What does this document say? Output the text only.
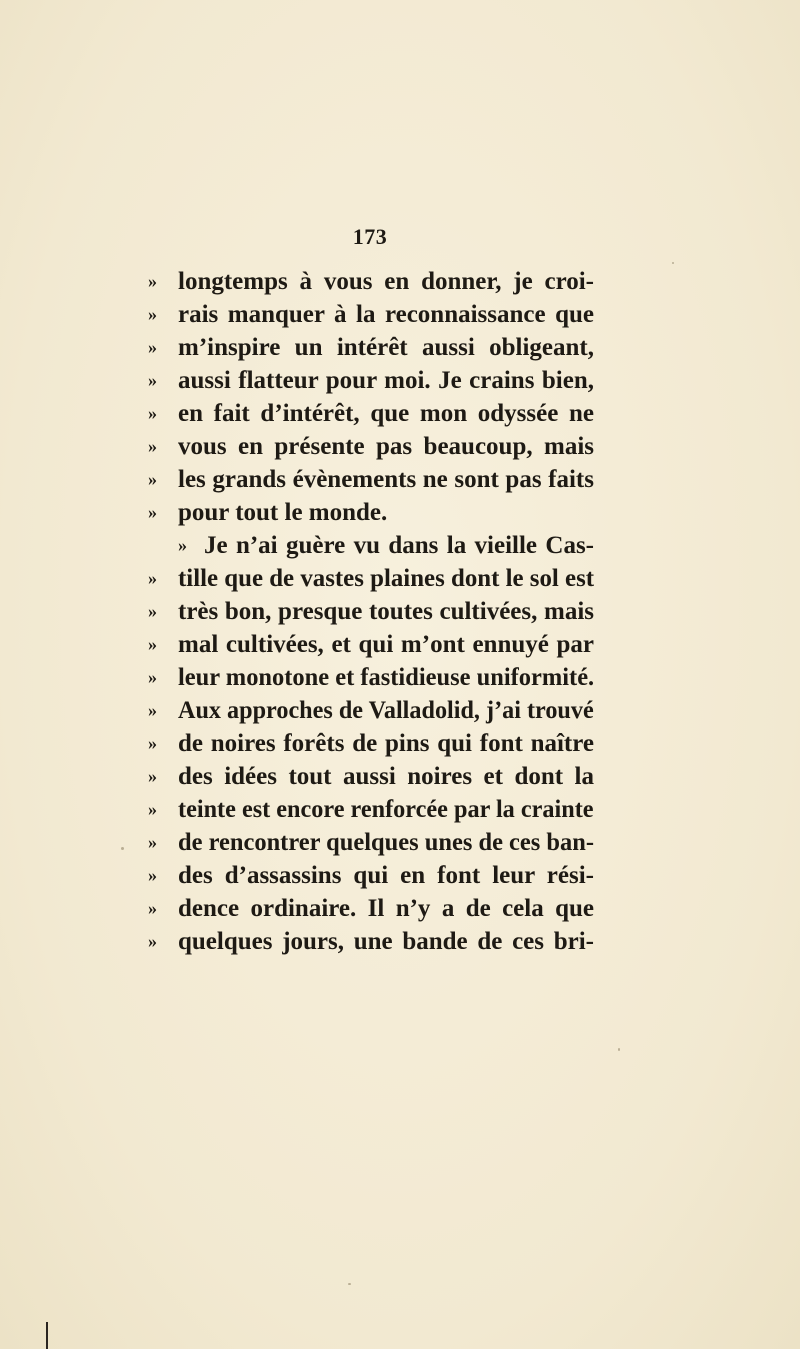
173
» longtemps à vous en donner, je croi-
» rais manquer à la reconnaissance que
» m’inspire un intérêt aussi obligeant,
» aussi flatteur pour moi. Je crains bien,
» en fait d’intérêt, que mon odyssée ne
» vous en présente pas beaucoup, mais
» les grands évènements ne sont pas faits
» pour tout le monde.
» Je n’ai guère vu dans la vieille Cas-
» tille que de vastes plaines dont le sol est
» très bon, presque toutes cultivées, mais
» mal cultivées, et qui m’ont ennuyé par
» leur monotone et fastidieuse uniformité.
» Aux approches de Valladolid, j’ai trouvé
» de noires forêts de pins qui font naître
» des idées tout aussi noires et dont la
» teinte est encore renforcée par la crainte
» de rencontrer quelques unes de ces ban-
» des d’assassins qui en font leur rési-
» dence ordinaire. Il n’y a de cela que
» quelques jours, une bande de ces bri-
